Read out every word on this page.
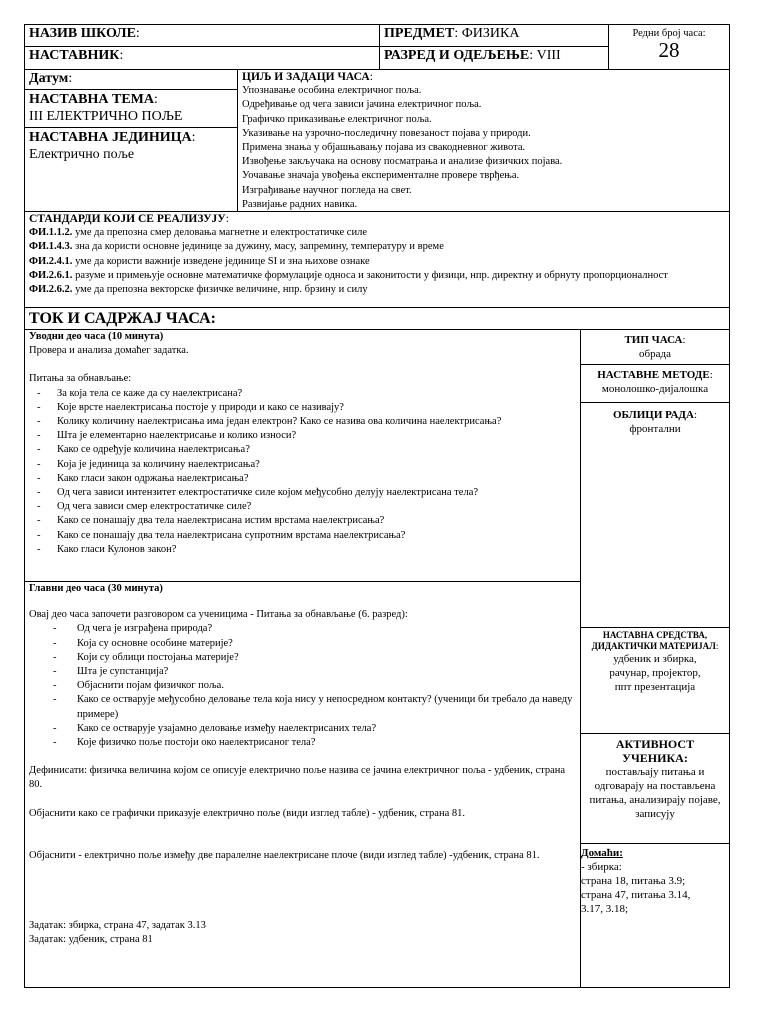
НАЗИВ ШКОЛЕ:	ПРЕДМЕТ: ФИЗИКА	Редни број часа:
28
НАСТАВНИК:	РАЗРЕД И ОДЕЉЕЊЕ: VIII
Датум:
НАСТАВНА ТЕМА:
III ЕЛЕКТРИЧНО ПОЉЕ
НАСТАВНА ЈЕДИНИЦА:
Електрично поље
ЦИЉ И ЗАДАЦИ ЧАСА:
Упознавање особина електричног поља.
Одређивање од чега зависи јачина електричног поља.
Графичко приказивање електричног поља.
Указивање на узрочно-последичну повезаност појава у природи.
Примена знања у објашњавању појава из свакодневног живота.
Извођење закључака на основу посматрања и анализе физичких појава.
Уочавање значаја увођења експерименталне провере тврђења.
Изграђивање научног погледа на свет.
Развијање радних навика.
СТАНДАРДИ КОЈИ СЕ РЕАЛИЗУЈУ:
ФИ.1.1.2. уме да препозна смер деловања магнетне и електростатичке силе
ФИ.1.4.3. зна да користи основне јединице за дужину, масу, запремину, температуру и време
ФИ.2.4.1. уме да користи важније изведене јединице SI и зна њихове ознаке
ФИ.2.6.1. разуме и примењује основне математичке формулације односа и законитости у физици, нпр. директну и обрнуту пропорционалност
ФИ.2.6.2. уме да препозна векторске физичке величине, нпр. брзину и силу
ТОК И САДРЖАЈ ЧАСА:
Уводни део часа (10 минута)
Провера и анализа домаћег задатка.
Питања за обнављање:
- За која тела се каже да су наелектрисана?
- Које врсте наелектрисања постоје у природи и како се називају?
- Колику количину наелектрисања има један електрон? Како се назива ова количина наелектрисања?
- Шта је елементарно наелектрисање и колико износи?
- Како се одређује количина наелектрисања?
- Која је јединица за количину наелектрисања?
- Како гласи закон одржања наелектрисања?
- Од чега зависи интензитет електростатичке силе којом међусобно делују наелектрисана тела?
- Од чега зависи смер електростатичке силе?
- Како се понашају два тела наелектрисана истим врстама наелектрисања?
- Како се понашају два тела наелектрисана супротним врстама наелектрисања?
- Како гласи Кулонов закон?
Главни део часа (30 минута)
Овај део часа започети разговором са ученицима - Питања за обнављање (6. разред):
- Од чега је изграђена природа?
- Која су основне особине материје?
- Који су облици постојања материје?
- Шта је супстанција?
- Објаснити појам физичког поља.
- Како се остварује међусобно деловање тела која нису у непосредном контакту? (ученици би требало да наведу примере)
- Како се остварује узајамно деловање између наелектрисаних тела?
- Које физичко поље постоји око наелектрисаног тела?
Дефинисати: физичка величина којом се описује електрично поље назива се јачина електричног поља - удбеник, страна 80.
Објаснити како се графички приказује електрично поље (види изглед табле) - удбеник, страна 81.
Објаснити - електрично поље између две паралелне наелектрисане плоче (види изглед табле) -удбеник, страна 81.
Задатак: збирка, страна 47, задатак 3.13
Задатак: удбеник, страна 81
ТИП ЧАСА:
обрада
НАСТАВНЕ МЕТОДЕ:
монолошко-дијалошка
ОБЛИЦИ РАДА:
фронтални
НАСТАВНА СРЕДСТВА, ДИДАКТИЧКИ МАТЕРИЈАЛ:
удбеник и збирка,
рачунар, пројектор,
ппт презентација
АКТИВНОСТ УЧЕНИКА:
постављају питања и одговарају на постављена питања, анализирају појаве, записују
Домаћи:
- збирка:
страна 18, питања 3.9;
страна 47, питања 3.14,
3.17, 3.18;
